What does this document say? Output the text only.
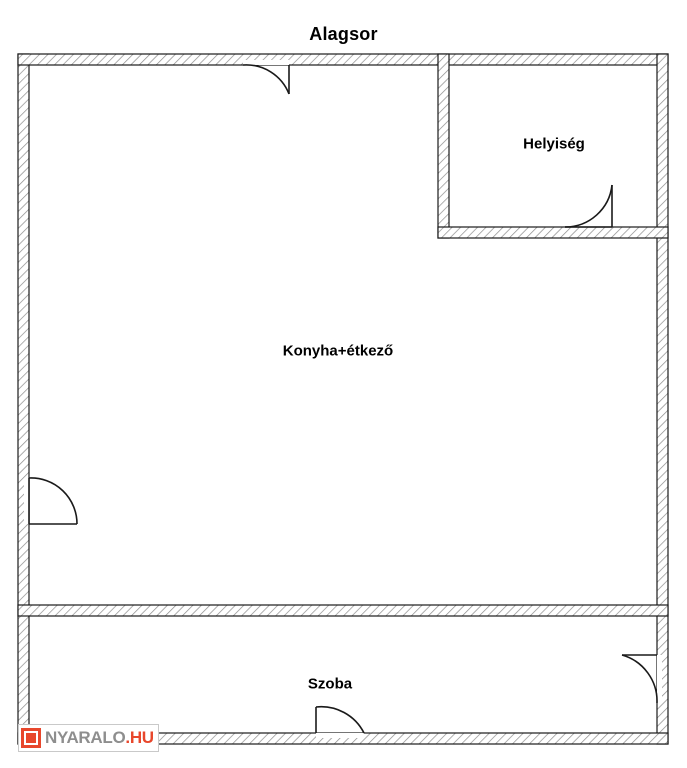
Alagsor
Konyha+étkező
Helyiség
Szoba
NYARALO.HU
